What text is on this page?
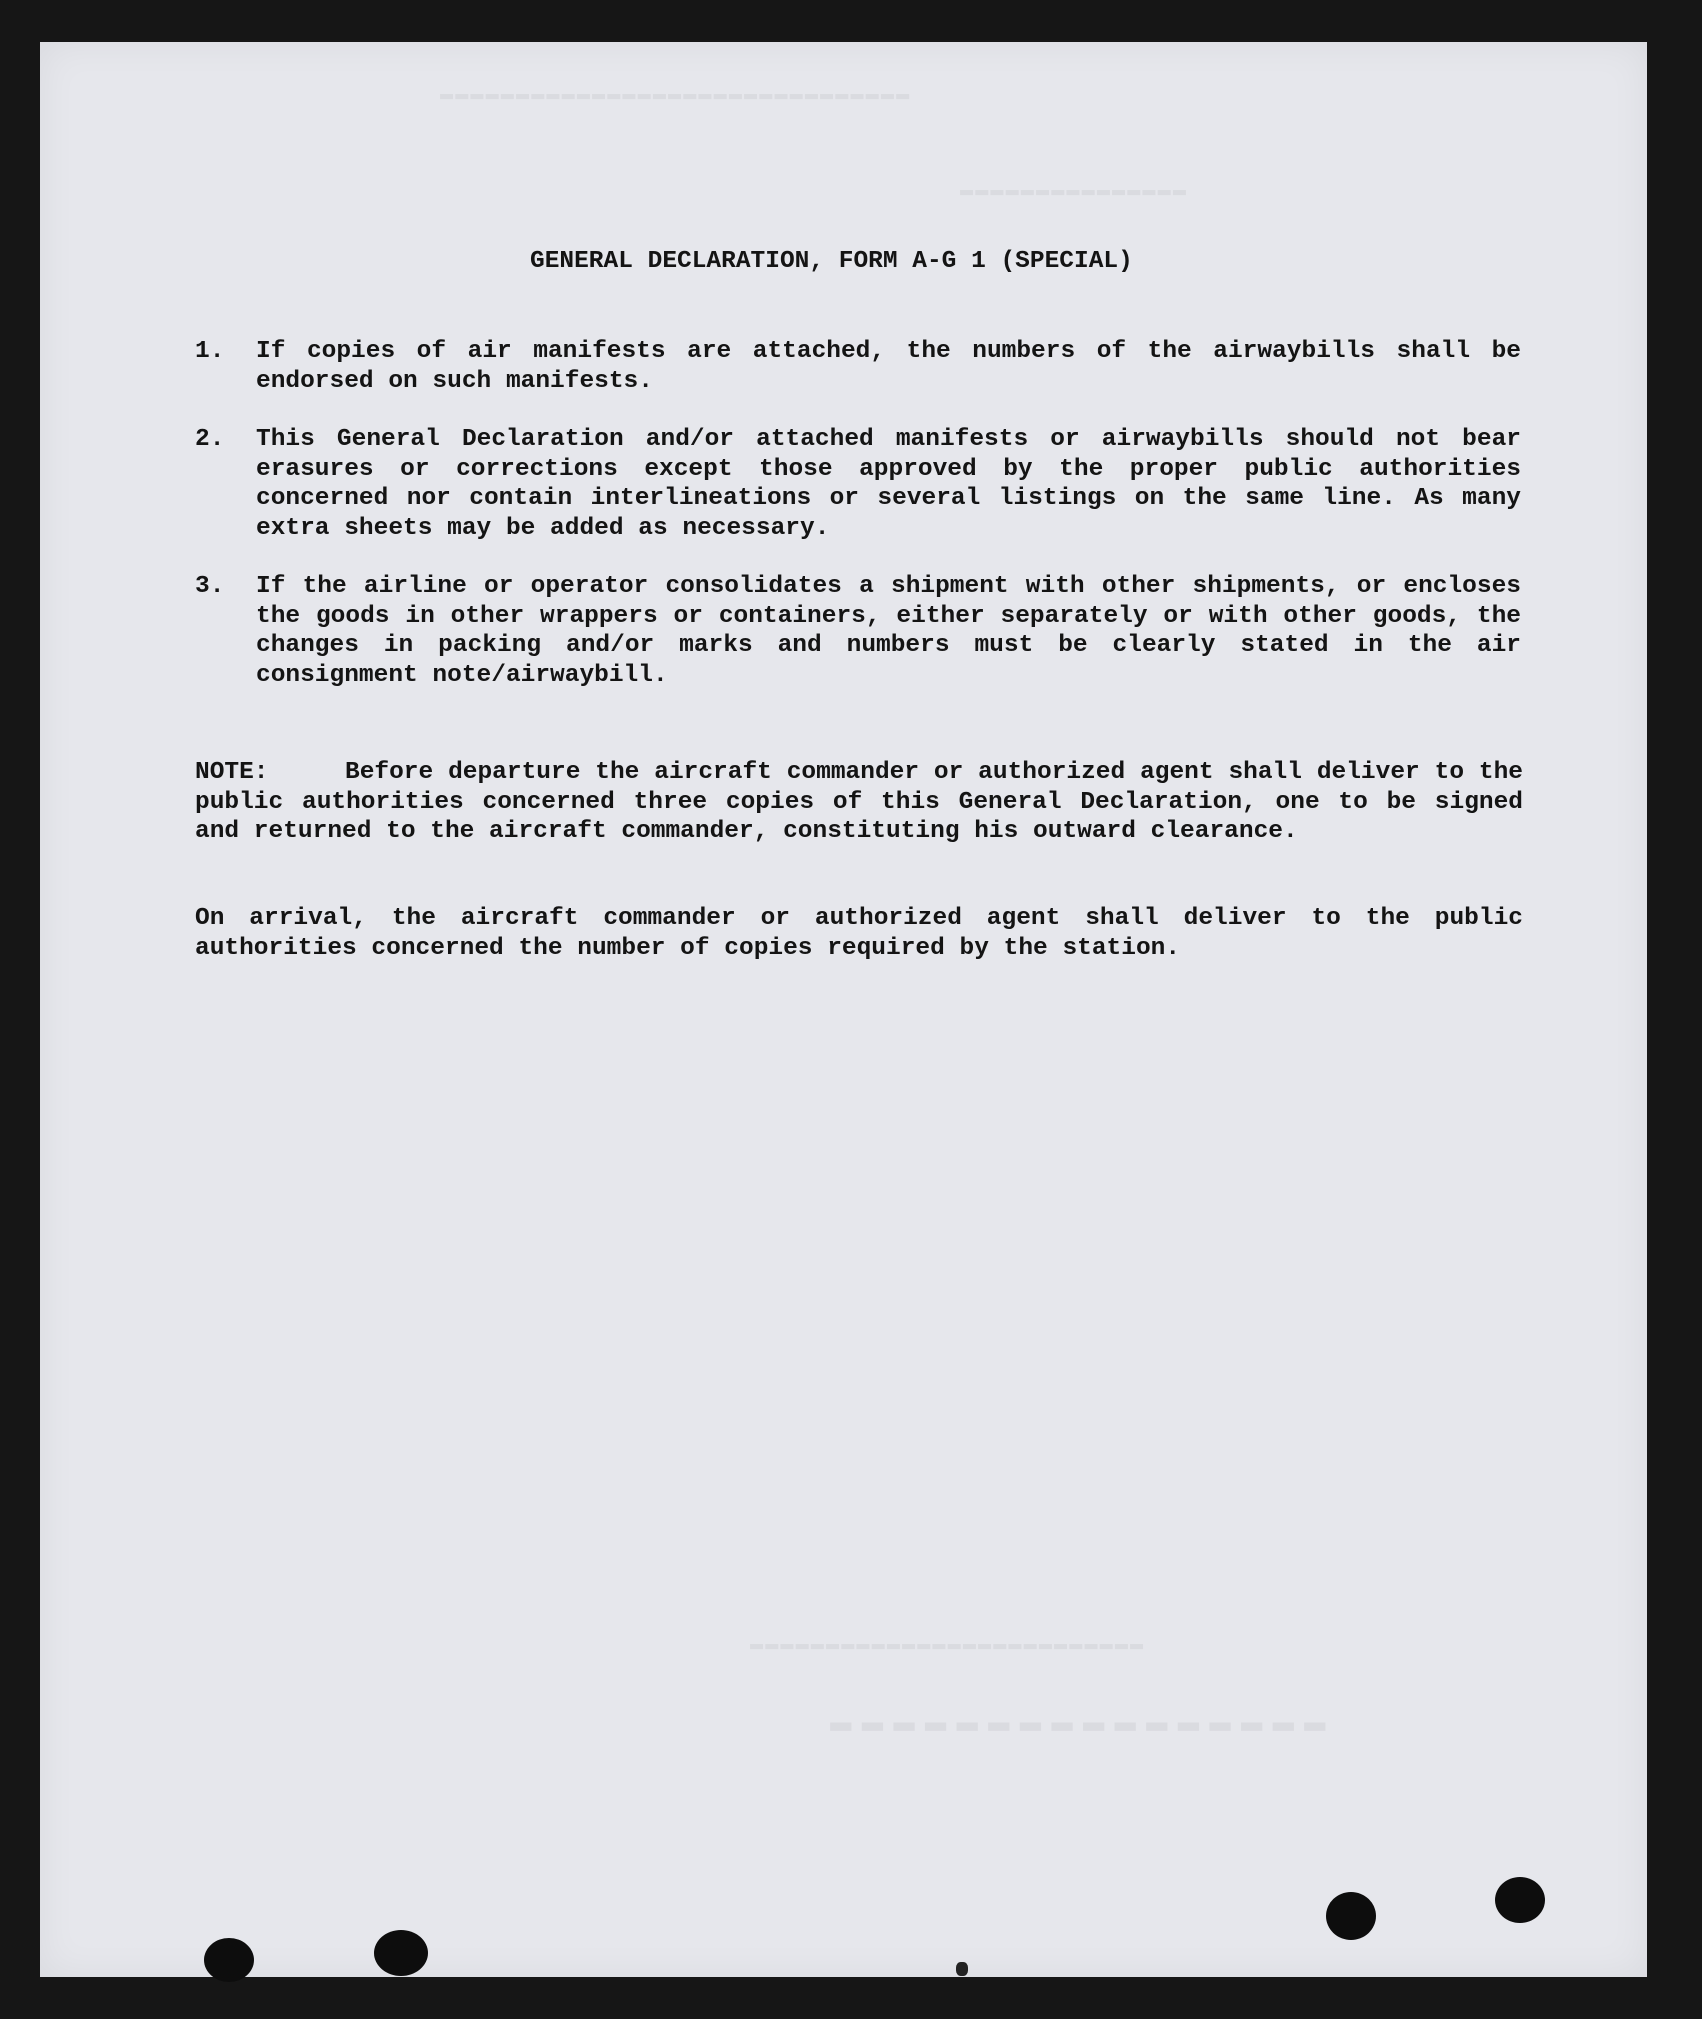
▬▬▬▬▬▬▬▬▬▬▬▬▬▬▬▬▬▬▬▬▬▬▬▬▬▬▬▬▬▬▬
▬▬▬▬▬▬▬▬▬▬▬▬▬▬▬
▬▬▬▬▬▬▬▬▬▬▬▬▬▬▬▬▬▬▬▬▬▬▬▬▬▬
▬▬▬▬▬▬▬▬▬▬▬▬▬▬▬▬
GENERAL DECLARATION, FORM A-G 1 (SPECIAL)
1.	If copies of air manifests are attached, the numbers of the airwaybills shall be endorsed on such manifests.
2.	This General Declaration and/or attached manifests or airwaybills should not bear erasures or corrections except those approved by the proper public authorities concerned nor contain interlineations or several listings on the same line. As many extra sheets may be added as necessary.
3.	If the airline or operator consolidates a shipment with other shipments, or encloses the goods in other wrappers or containers, either separately or with other goods, the changes in packing and/or marks and numbers must be clearly stated in the air consignment note/airwaybill.
NOTE:	Before departure the aircraft commander or authorized agent shall deliver to the public authorities concerned three copies of this General Declaration, one to be signed and returned to the aircraft commander, constituting his outward clearance.
On arrival, the aircraft commander or authorized agent shall deliver to the public authorities concerned the number of copies required by the station.
